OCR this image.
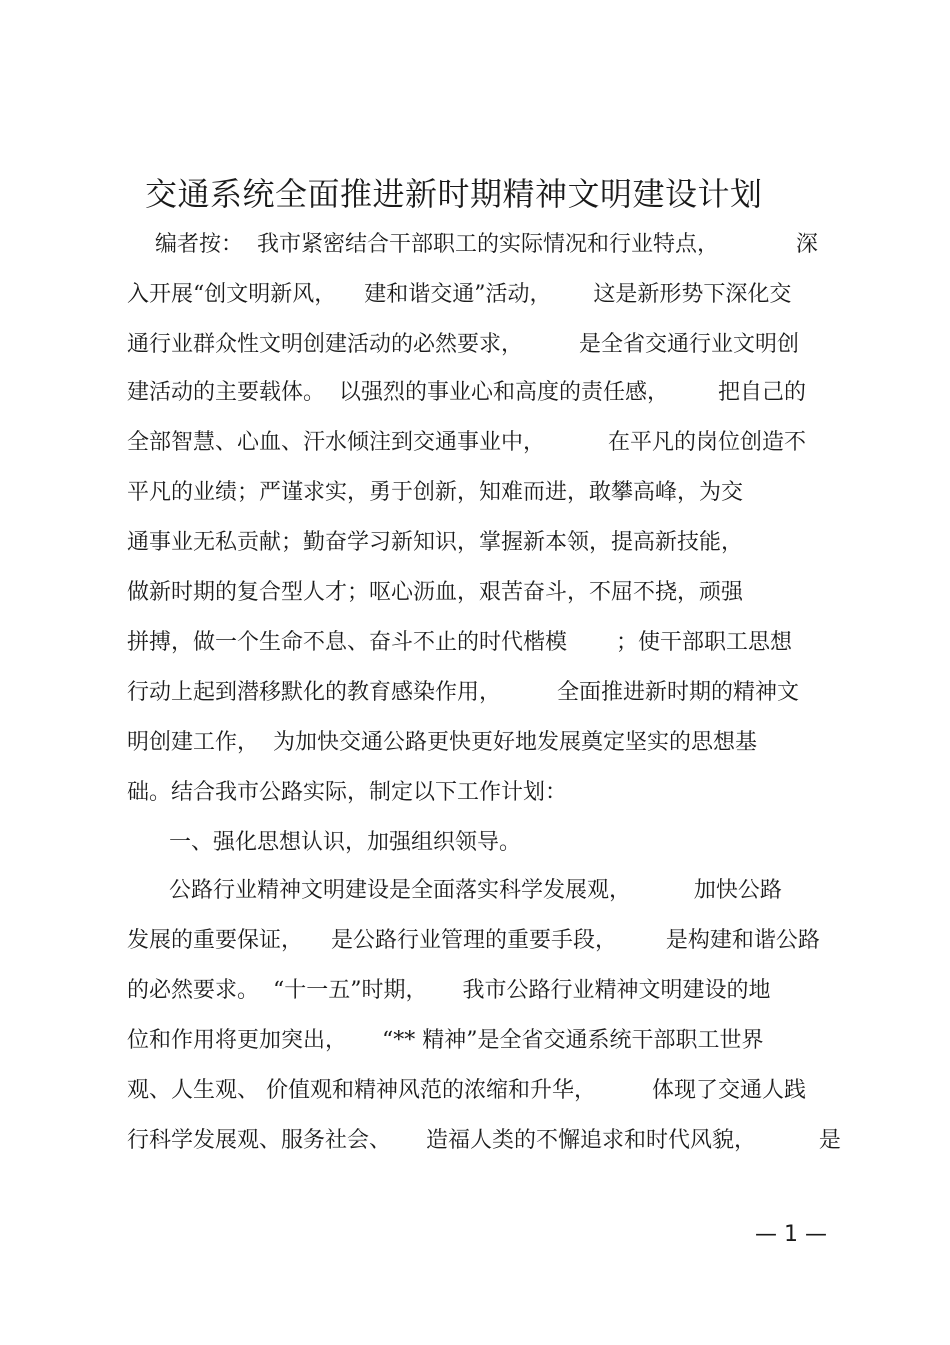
交通系统全面推进新时期精神文明建设计划
编者按：  我市紧密结合干部职工的实际情况和行业特点，           深
入开展“创文明新风，    建和谐交通”活动，      这是新形势下深化交
通行业群众性文明创建活动的必然要求，        是全省交通行业文明创
建活动的主要载体。  以强烈的事业心和高度的责任感，       把自己的
全部智慧、心血、汗水倾注到交通事业中，         在平凡的岗位创造不
平凡的业绩；严谨求实，勇于创新，知难而进，敢攀高峰，为交
通事业无私贡献；勤奋学习新知识，掌握新本领，提高新技能，
做新时期的复合型人才；呕心沥血，艰苦奋斗，不屈不挠，顽强
拼搏，做一个生命不息、奋斗不止的时代楷模       ；使干部职工思想
行动上起到潜移默化的教育感染作用，        全面推进新时期的精神文
明创建工作，  为加快交通公路更快更好地发展奠定坚实的思想基
础。结合我市公路实际，制定以下工作计划：
一、强化思想认识，加强组织领导。
公路行业精神文明建设是全面落实科学发展观，         加快公路
发展的重要保证，    是公路行业管理的重要手段，       是构建和谐公路
的必然要求。  “十一五”时期，     我市公路行业精神文明建设的地
位和作用将更加突出，     “** 精神”是全省交通系统干部职工世界
观、人生观、 价值观和精神风范的浓缩和升华，        体现了交通人践
行科学发展观、服务社会、     造福人类的不懈追求和时代风貌，         是
— 1 —
